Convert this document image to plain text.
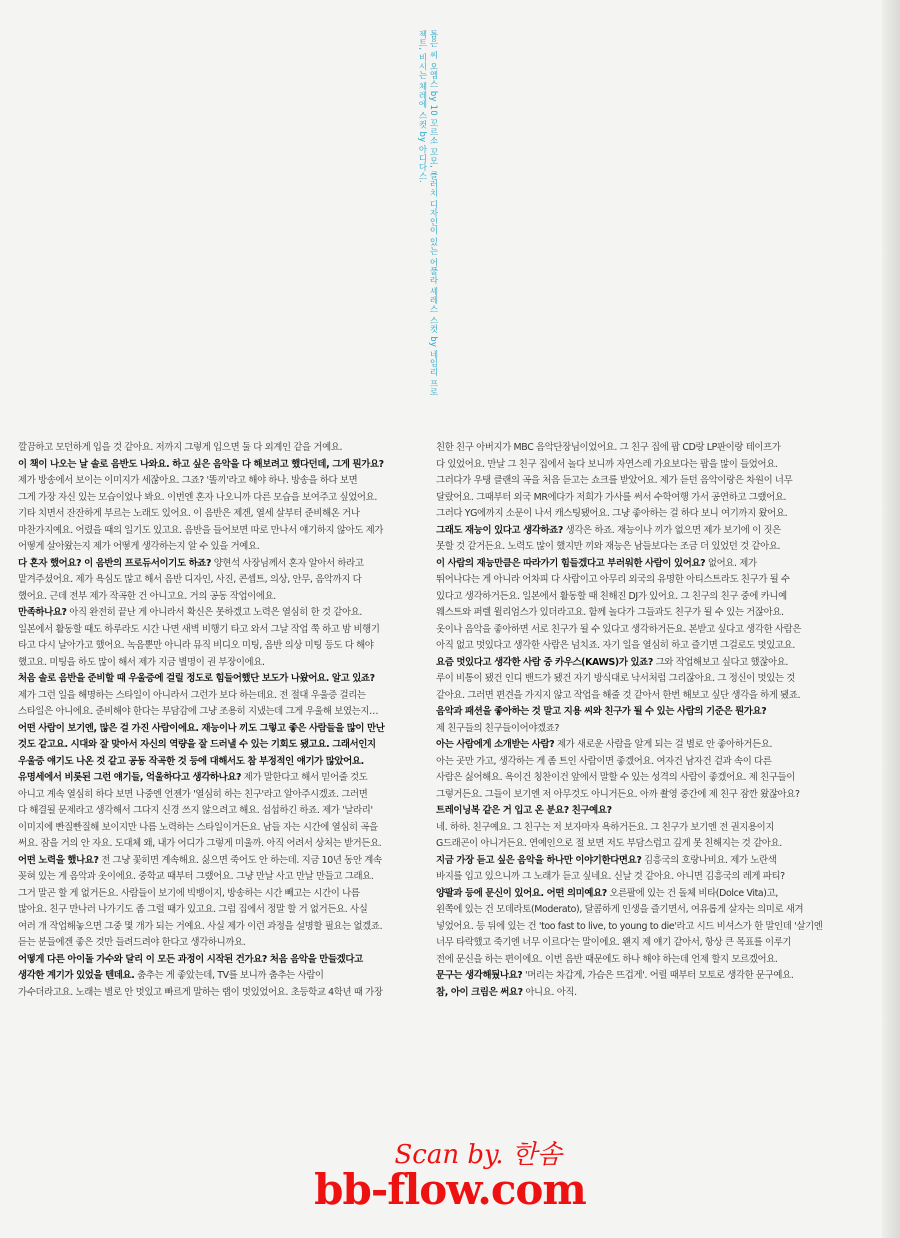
톱은 씨 오엠스 by 10 꼬르소 꼬모, 클러치 디자인이 있는 어풀라 셰레스 스컷 by 네임리 프로젝트, 비시는 체레에 스컷 by 아디다스.
깔끔하고 모던하게 입을 것 같아요. 저까지 그렇게 입으면 둘 다 외계인 같을 거예요.
이 책이 나오는 날 솔로 음반도 나와요. 하고 싶은 음악을 다 해보려고 했다던데, 그게 뭔가요?
제가 방송에서 보이는 이미지가 세잖아요. 그죠? '똘끼'라고 해야 하나. 방송을 하다 보면
그게 가장 자신 있는 모습이었나 봐요. 이번엔 혼자 나오니까 다른 모습을 보여주고 싶었어요.
기타 치면서 잔잔하게 부르는 노래도 있어요. 이 음반은 제겐, 열세 살부터 준비해온 거나
마찬가지예요. 어렸을 때의 일기도 있고요. 음반을 들어보면 따로 만나서 얘기하지 않아도 제가
어떻게 살아왔는지 제가 어떻게 생각하는지 알 수 있을 거예요.
다 혼자 했어요? 이 음반의 프로듀서이기도 하죠? 양현석 사장님께서 혼자 알아서 하라고
맡겨주셨어요. 제가 욕심도 많고 해서 음반 디자인, 사진, 콘셉트, 의상, 안무, 음악까지 다
했어요. 근데 전부 제가 작곡한 건 아니고요. 거의 공동 작업이에요.
만족하나요? 아직 완전히 끝난 게 아니라서 확신은 못하겠고 노력은 열심히 한 것 같아요.
일본에서 활동할 때도 하루라도 시간 나면 새벽 비행기 타고 와서 그날 작업 쭉 하고 밤 비행기
타고 다시 날아가고 했어요. 녹음뿐만 아니라 뮤직 비디오 미팅, 음반 의상 미팅 등도 다 해야
했고요. 미팅을 하도 많이 해서 제가 지금 별명이 권 부장이에요.
처음 솔로 음반을 준비할 때 우울증에 걸릴 정도로 힘들어했단 보도가 나왔어요. 알고 있죠?
제가 그런 일을 해명하는 스타일이 아니라서 그런가 보다 하는데요. 전 절대 우울증 걸리는
스타일은 아니에요. 준비해야 한다는 부담감에 그냥 조용히 지냈는데 그게 우울해 보였는지…
어떤 사람이 보기엔, 많은 걸 가진 사람이에요. 재능이나 끼도 그렇고 좋은 사람들을 많이 만난
것도 같고요. 시대와 잘 맞아서 자신의 역량을 잘 드러낼 수 있는 기회도 됐고요. 그래서인지
우울증 얘기도 나온 것 같고 공동 작곡한 것 등에 대해서도 참 부정적인 얘기가 많았어요.
유명세에서 비롯된 그런 얘기들, 억울하다고 생각하나요? 제가 말한다고 해서 믿어줄 것도
아니고 계속 열심히 하다 보면 나중엔 언젠가 '열심히 하는 친구'라고 알아주시겠죠. 그러면
다 해결될 문제라고 생각해서 그다지 신경 쓰지 않으려고 해요. 섭섭하긴 하죠. 제가 '날라리'
이미지에 빤질빤질해 보이지만 나름 노력하는 스타일이거든요. 남들 자는 시간에 열심히 곡을
써요. 잠을 거의 안 자요. 도대체 왜, 내가 어디가 그렇게 미울까. 아직 어려서 상처는 받거든요.
어떤 노력을 했나요? 전 그냥 꽃히면 계속해요. 싫으면 죽어도 안 하는데. 지금 10년 동안 계속
꽂혀 있는 게 음악과 옷이에요. 중학교 때부터 그랬어요. 그냥 만날 사고 만날 만들고 그래요.
그거 말곤 할 게 없거든요. 사람들이 보기에 빅뱅이지, 방송하는 시간 빼고는 시간이 나름
많아요. 친구 만나러 나가기도 좀 그럴 때가 있고요. 그럼 집에서 정말 할 거 없거든요. 사실
여러 개 작업해놓으면 그중 몇 개가 되는 거예요. 사실 제가 이런 과정을 설명할 필요는 없겠죠.
듣는 분들에겐 좋은 것만 들려드려야 한다고 생각하니까요.
어떻게 다른 아이돌 가수와 달리 이 모든 과정이 시작된 건가요? 처음 음악을 만들겠다고
생각한 계기가 있었을 텐데요. 춤추는 게 좋았는데, TV를 보니까 춤추는 사람이
가수더라고요. 노래는 별로 안 멋있고 빠르게 말하는 랩이 멋있었어요. 초등학교 4학년 때 가장
친한 친구 아버지가 MBC 음악단장님이었어요. 그 친구 집에 팝 CD랑 LP판이랑 테이프가
다 있었어요. 만날 그 친구 집에서 놀다 보니까 자연스레 가요보다는 팝을 많이 들었어요.
그러다가 우탱 클랜의 곡을 처음 듣고는 쇼크를 받았어요. 제가 듣던 음악이랑은 차원이 너무
달랐어요. 그때부터 외국 MR에다가 저희가 가사를 써서 수학여행 가서 공연하고 그랬어요.
그러다 YG에까지 소문이 나서 캐스팅됐어요. 그냥 좋아하는 걸 하다 보니 여기까지 왔어요.
그래도 재능이 있다고 생각하죠? 생각은 하죠. 재능이나 끼가 없으면 제가 보기에 이 짓은
못할 것 같거든요. 노력도 많이 했지만 끼와 재능은 남들보다는 조금 더 있었던 것 같아요.
이 사람의 재능만큼은 따라가기 힘들겠다고 부러워한 사람이 있어요? 없어요. 제가
뛰어나다는 게 아니라 어차피 다 사람이고 아무리 외국의 유명한 아티스트라도 친구가 될 수
있다고 생각하거든요. 일본에서 활동할 때 친해진 DJ가 있어요. 그 친구의 친구 중에 카니예
웨스트와 퍼렐 윌리엄스가 있더라고요. 함께 놀다가 그들과도 친구가 될 수 있는 거잖아요.
옷이나 음악을 좋아하면 서로 친구가 될 수 있다고 생각하거든요. 본받고 싶다고 생각한 사람은
아직 없고 멋있다고 생각한 사람은 넘치죠. 자기 일을 열심히 하고 즐기면 그걸로도 멋있고요.
요즘 멋있다고 생각한 사람 중 카우스(KAWS)가 있죠? 그와 작업해보고 싶다고 했잖아요.
루이 비통이 됐건 인디 밴드가 됐건 자기 방식대로 낙서처럼 그리잖아요. 그 정신이 멋있는 것
같아요. 그러면 편견을 가지지 않고 작업을 해줄 것 같아서 한번 해보고 싶단 생각을 하게 됐죠.
음악과 패션을 좋아하는 것 말고 지용 씨와 친구가 될 수 있는 사람의 기준은 뭔가요?
제 친구들의 친구들이어야겠죠?
아는 사람에게 소개받는 사람? 제가 새로운 사람을 알게 되는 걸 별로 안 좋아하거든요.
아는 곳만 가고, 생각하는 게 좀 트인 사람이면 좋겠어요. 여자건 남자건 겉과 속이 다른
사람은 싫어해요. 욕이건 칭찬이건 앞에서 말할 수 있는 성격의 사람이 좋겠어요. 제 친구들이
그렇거든요. 그들이 보기엔 저 아무것도 아니거든요. 아까 촬영 중간에 제 친구 잠깐 왔잖아요?
트레이닝복 같은 거 입고 온 분요? 친구예요?
네. 하하. 친구예요. 그 친구는 저 보자마자 욕하거든요. 그 친구가 보기엔 전 권지용이지
G드래곤이 아니거든요. 연예인으로 절 보면 저도 부담스럽고 깊게 못 친해지는 것 같아요.
지금 가장 듣고 싶은 음악을 하나만 이야기한다면요? 김흥국의 호랑나비요. 제가 노란색
바지를 입고 있으니까 그 노래가 듣고 싶네요. 신날 것 같아요. 아니면 김흥국의 레게 파티?
양팔과 등에 문신이 있어요. 어떤 의미예요? 오른팔에 있는 건 돌체 비타(Dolce Vita)고,
왼쪽에 있는 건 모데라토(Moderato), 달콤하게 인생을 즐기면서, 여유롭게 살자는 의미로 새겨
넣었어요. 등 뒤에 있는 건 'too fast to live, to young to die'라고 시드 비셔스가 한 말인데 '살기엔
너무 타락했고 죽기엔 너무 이르다'는 말이에요. 왠지 제 얘기 같아서, 항상 큰 목표를 이루기
전에 문신을 하는 편이에요. 이번 음반 때문에도 하나 해야 하는데 언제 할지 모르겠어요.
문구는 생각해뒀나요? '머리는 차갑게, 가슴은 뜨겁게'. 어릴 때부터 모토로 생각한 문구예요.
참, 아이 크림은 써요? 아니요. 아직.
Scan by. 한솜
bb-flow.com
